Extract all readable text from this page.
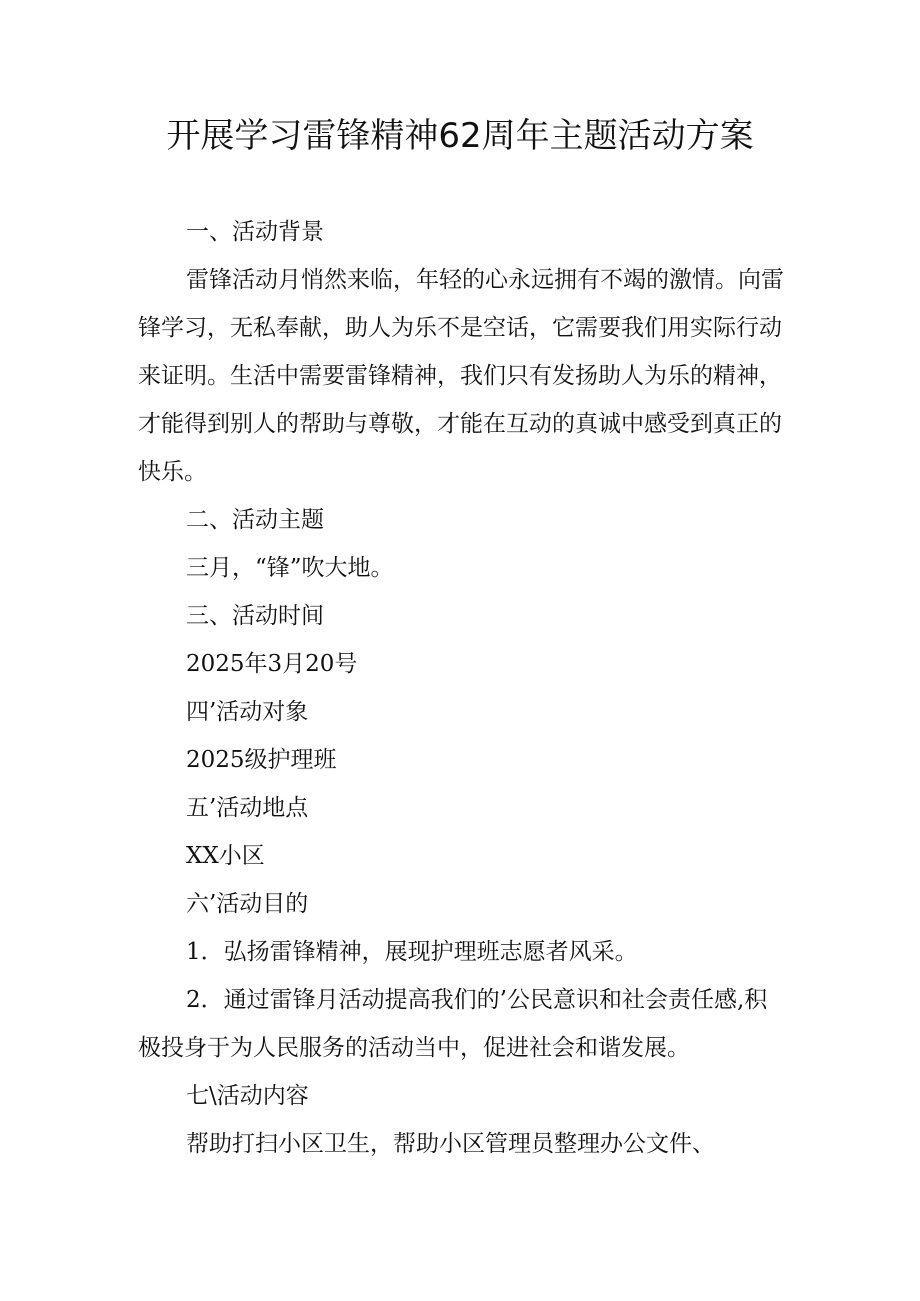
开展学习雷锋精神62周年主题活动方案
一、活动背景
雷锋活动月悄然来临，年轻的心永远拥有不竭的激情。向雷
锋学习，无私奉献，助人为乐不是空话，它需要我们用实际行动
来证明。生活中需要雷锋精神，我们只有发扬助人为乐的精神，
才能得到别人的帮助与尊敬，才能在互动的真诚中感受到真正的
快乐。
二、活动主题
三月，“锋”吹大地。
三、活动时间
2025年3月20号
四’活动对象
2025级护理班
五’活动地点
XX小区
六’活动目的
1．弘扬雷锋精神，展现护理班志愿者风采。
2．通过雷锋月活动提高我们的’公民意识和社会责任感,积
极投身于为人民服务的活动当中，促进社会和谐发展。
七\活动内容
帮助打扫小区卫生，帮助小区管理员整理办公文件、
